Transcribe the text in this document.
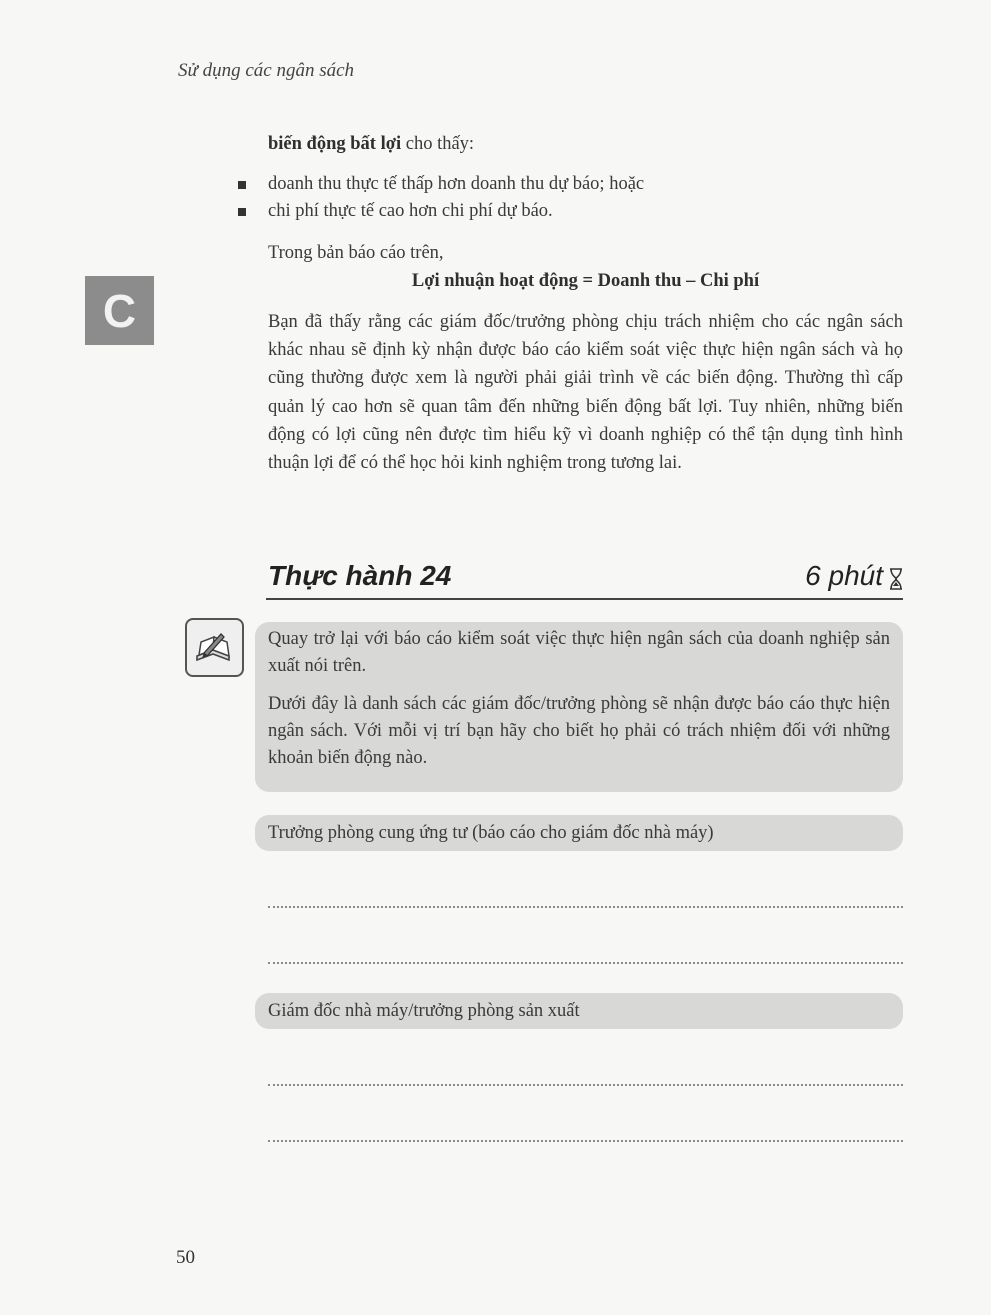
Sử dụng các ngân sách
C
biến động bất lợi cho thấy:
doanh thu thực tế thấp hơn doanh thu dự báo; hoặc
chi phí thực tế cao hơn chi phí dự báo.
Trong bản báo cáo trên,
Lợi nhuận hoạt động = Doanh thu – Chi phí
Bạn đã thấy rằng các giám đốc/trưởng phòng chịu trách nhiệm cho các ngân sách khác nhau sẽ định kỳ nhận được báo cáo kiểm soát việc thực hiện ngân sách và họ cũng thường được xem là người phải giải trình về các biến động. Thường thì cấp quản lý cao hơn sẽ quan tâm đến những biến động bất lợi. Tuy nhiên, những biến động có lợi cũng nên được tìm hiểu kỹ vì doanh nghiệp có thể tận dụng tình hình thuận lợi để có thể học hỏi kinh nghiệm trong tương lai.
Thực hành 24	6 phút

Quay trở lại với báo cáo kiểm soát việc thực hiện ngân sách của doanh nghiệp sản xuất nói trên.

Dưới đây là danh sách các giám đốc/trưởng phòng sẽ nhận được báo cáo thực hiện ngân sách. Với mỗi vị trí bạn hãy cho biết họ phải có trách nhiệm đối với những khoản biến động nào.

Trưởng phòng cung ứng tư (báo cáo cho giám đốc nhà máy)
Giám đốc nhà máy/trưởng phòng sản xuất
50
